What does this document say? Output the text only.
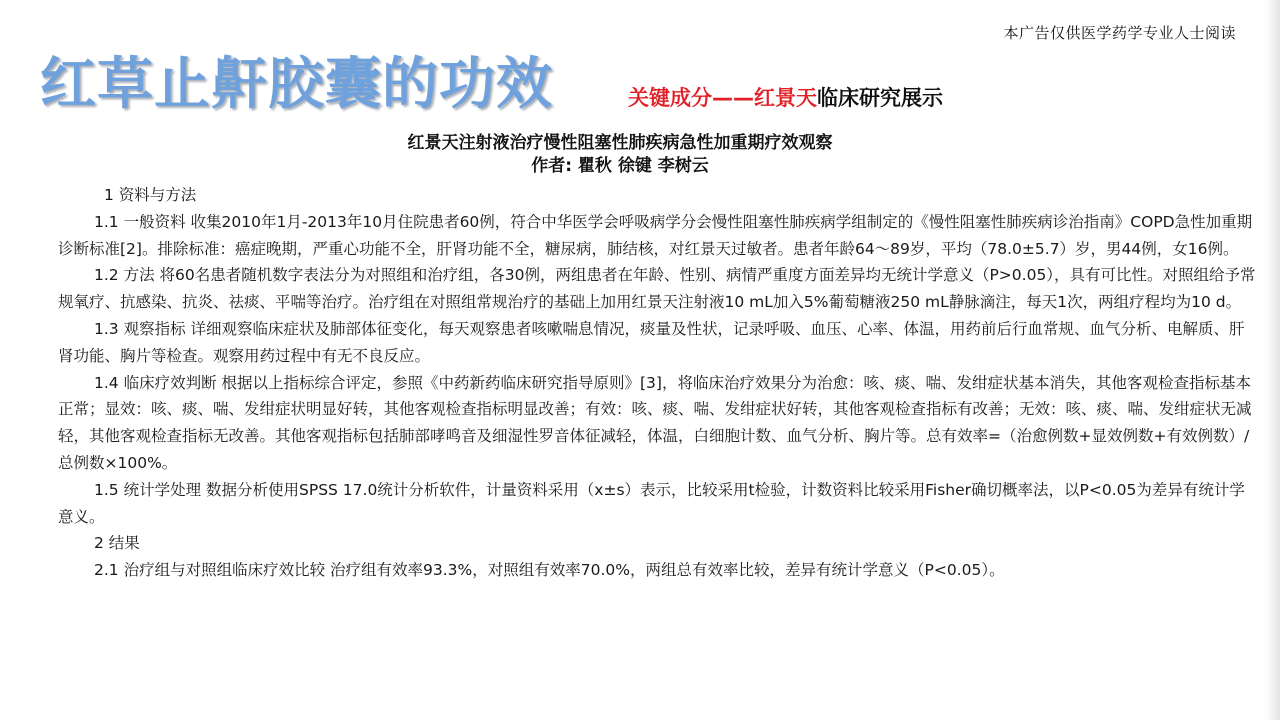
本广告仅供医学药学专业人士阅读
红草止鼾胶囊的功效	关键成分——红景天临床研究展示
红景天注射液治疗慢性阻塞性肺疾病急性加重期疗效观察
作者: 瞿秋 徐键 李树云

1 资料与方法

1.1 一般资料 收集2010年1月-2013年10月住院患者60例，符合中华医学会呼吸病学分会慢性阻塞性肺疾病学组制定的《慢性阻塞性肺疾病诊治指南》COPD急性加重期诊断标准[2]。排除标准：癌症晚期，严重心功能不全，肝肾功能不全，糖尿病，肺结核，对红景天过敏者。患者年龄64～89岁，平均（78.0±5.7）岁，男44例，女16例。

1.2 方法 将60名患者随机数字表法分为对照组和治疗组，各30例，两组患者在年龄、性别、病情严重度方面差异均无统计学意义（P>0.05），具有可比性。对照组给予常规氧疗、抗感染、抗炎、祛痰、平喘等治疗。治疗组在对照组常规治疗的基础上加用红景天注射液10 mL加入5%葡萄糖液250 mL静脉滴注，每天1次，两组疗程均为10 d。

1.3 观察指标 详细观察临床症状及肺部体征变化，每天观察患者咳嗽喘息情况，痰量及性状，记录呼吸、血压、心率、体温，用药前后行血常规、血气分析、电解质、肝肾功能、胸片等检查。观察用药过程中有无不良反应。

1.4 临床疗效判断 根据以上指标综合评定，参照《中药新药临床研究指导原则》[3]，将临床治疗效果分为治愈：咳、痰、喘、发绀症状基本消失，其他客观检查指标基本正常；显效：咳、痰、喘、发绀症状明显好转，其他客观检查指标明显改善；有效：咳、痰、喘、发绀症状好转，其他客观检查指标有改善；无效：咳、痰、喘、发绀症状无减轻，其他客观检查指标无改善。其他客观指标包括肺部哮鸣音及细湿性罗音体征减轻，体温，白细胞计数、血气分析、胸片等。总有效率=（治愈例数+显效例数+有效例数）/总例数×100%。

1.5 统计学处理 数据分析使用SPSS 17.0统计分析软件，计量资料采用（x±s）表示，比较采用t检验，计数资料比较采用Fisher确切概率法，以P<0.05为差异有统计学意义。

2 结果

2.1 治疗组与对照组临床疗效比较 治疗组有效率93.3%，对照组有效率70.0%，两组总有效率比较，差异有统计学意义（P<0.05）。
